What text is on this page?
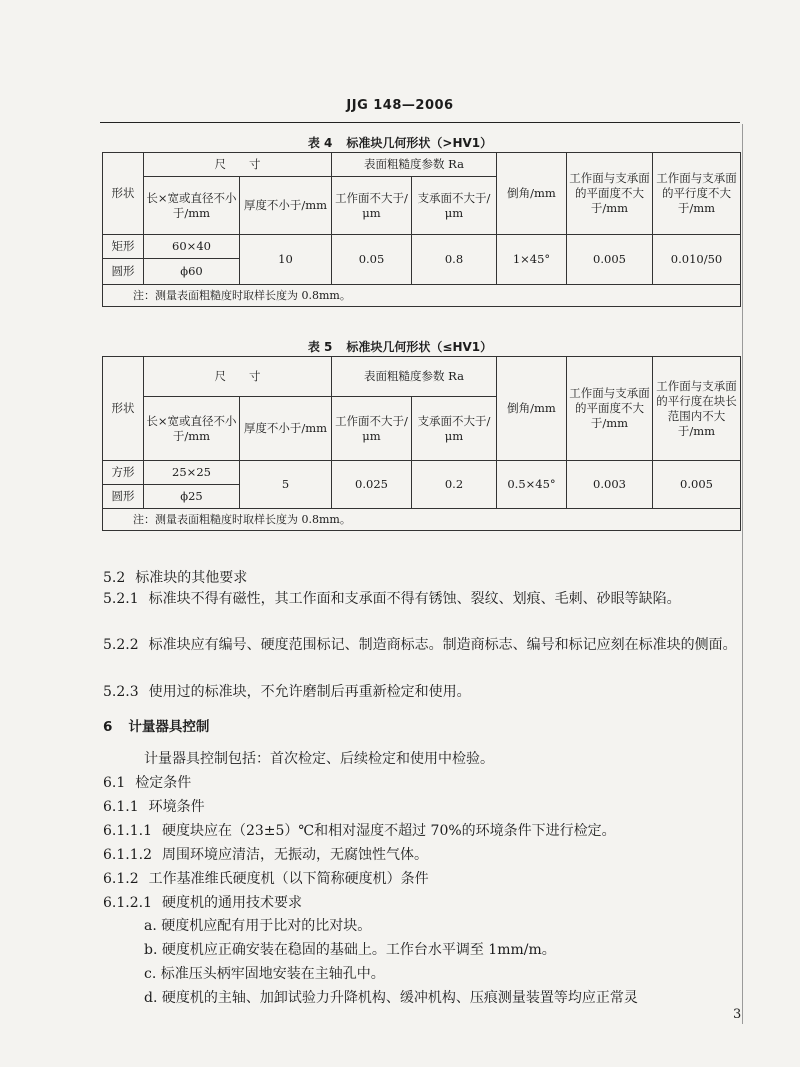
JJG 148—2006
表 4 标准块几何形状（>HV1）
形状	尺　　寸		表面粗糙度参数 Ra		倒角/mm	工作面与支承面的平面度不大于/mm	工作面与支承面的平行度不大于/mm
	长×宽或直径不小于/mm	厚度不小于/mm	工作面不大于/μm	支承面不大于/μm			
矩形	60×40	10	0.05	0.8	1×45°	0.005	0.010/50
圆形	ϕ60						
注：测量表面粗糙度时取样长度为 0.8mm。							
表 5 标准块几何形状（≤HV1）
形状	尺　　寸		表面粗糙度参数 Ra		倒角/mm	工作面与支承面的平面度不大于/mm	工作面与支承面的平行度在块长范围内不大于/mm
	长×宽或直径不小于/mm	厚度不小于/mm	工作面不大于/μm	支承面不大于/μm			
方形	25×25	5	0.025	0.2	0.5×45°	0.003	0.005
圆形	ϕ25						
注：测量表面粗糙度时取样长度为 0.8mm。							
5.2 标准块的其他要求
5.2.1 标准块不得有磁性，其工作面和支承面不得有锈蚀、裂纹、划痕、毛刺、砂眼等缺陷。
5.2.2 标准块应有编号、硬度范围标记、制造商标志。制造商标志、编号和标记应刻在标准块的侧面。
5.2.3 使用过的标准块，不允许磨制后再重新检定和使用。
6 计量器具控制
计量器具控制包括：首次检定、后续检定和使用中检验。
6.1 检定条件
6.1.1 环境条件
6.1.1.1 硬度块应在（23±5）℃和相对湿度不超过 70%的环境条件下进行检定。
6.1.1.2 周围环境应清洁，无振动，无腐蚀性气体。
6.1.2 工作基准维氏硬度机（以下简称硬度机）条件
6.1.2.1 硬度机的通用技术要求
a. 硬度机应配有用于比对的比对块。
b. 硬度机应正确安装在稳固的基础上。工作台水平调至 1mm/m。
c. 标准压头柄牢固地安装在主轴孔中。
d. 硬度机的主轴、加卸试验力升降机构、缓冲机构、压痕测量装置等均应正常灵
3
